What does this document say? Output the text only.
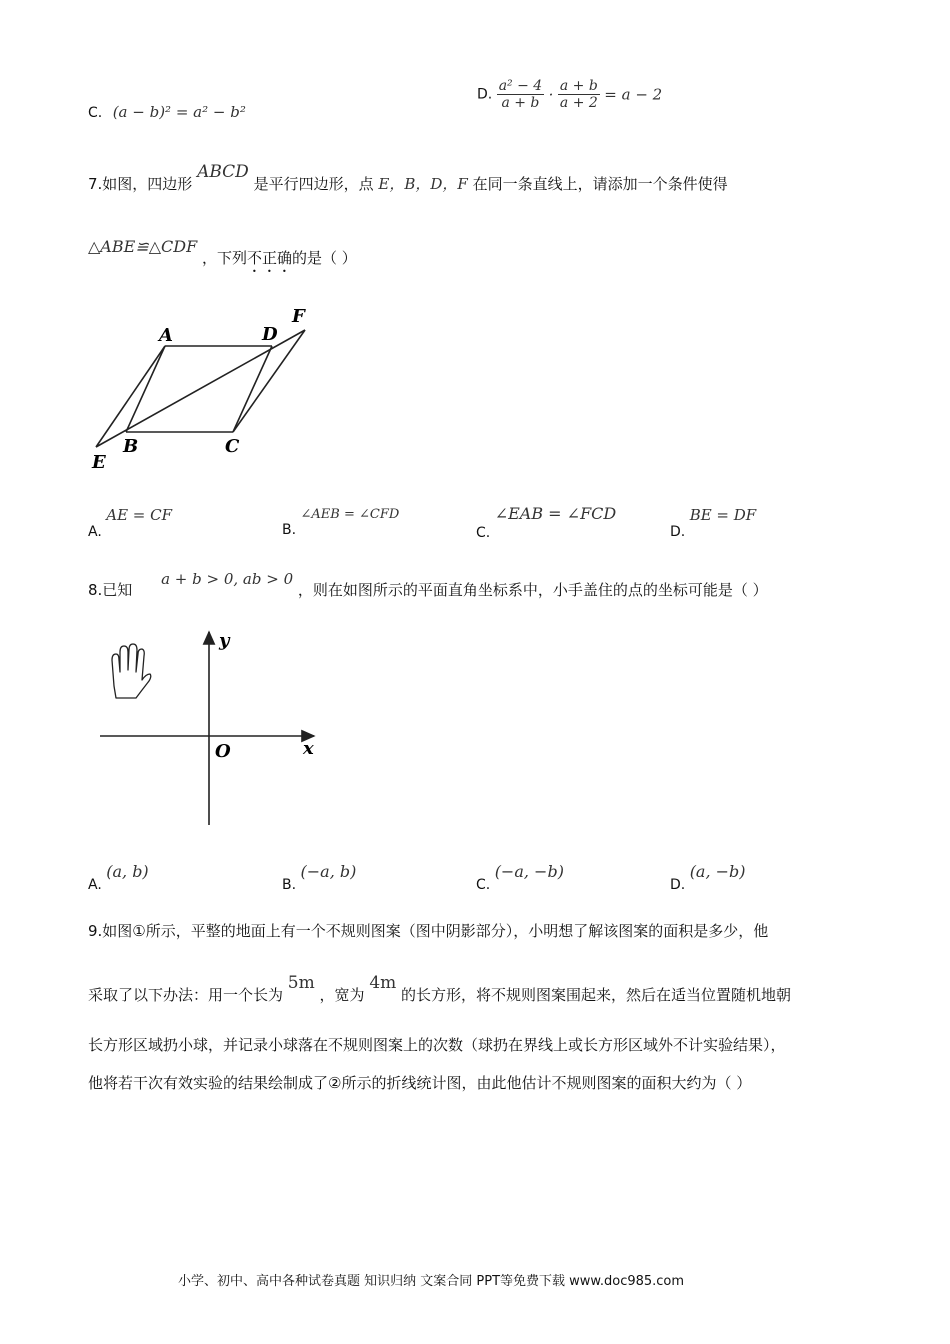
C. (a − b)² = a² − b²
D. $\frac{\text{a² − 4}}{a + b} \cdot \frac{a + b}{a + 2} = a - 2$
7.如图，四边形 ABCD 是平行四边形，点 E，B，D，F 在同一条直线上，请添加一个条件使得
△ABE≌△CDF ，下列不正确的是（ ）
A	D
F
B	C
E
A. AE = CF
B. ∠AEB = ∠CFD
C. ∠EAB = ∠FCD
D. BE = DF
8.已知 a + b > 0, ab > 0 ，则在如图所示的平面直角坐标系中，小手盖住的点的坐标可能是（ ）
y
x
O
A. (a, b)
B. (−a, b)
C. (−a, −b)
D. (a, −b)
9.如图①所示，平整的地面上有一个不规则图案（图中阴影部分），小明想了解该图案的面积是多少，他
采取了以下办法：用一个长为 5m ，宽为 4m 的长方形，将不规则图案围起来，然后在适当位置随机地朝
长方形区域扔小球，并记录小球落在不规则图案上的次数（球扔在界线上或长方形区域外不计实验结果），
他将若干次有效实验的结果绘制成了②所示的折线统计图，由此他估计不规则图案的面积大约为（ ）
小学、初中、高中各种试卷真题 知识归纳 文案合同 PPT等免费下载 www.doc985.com
